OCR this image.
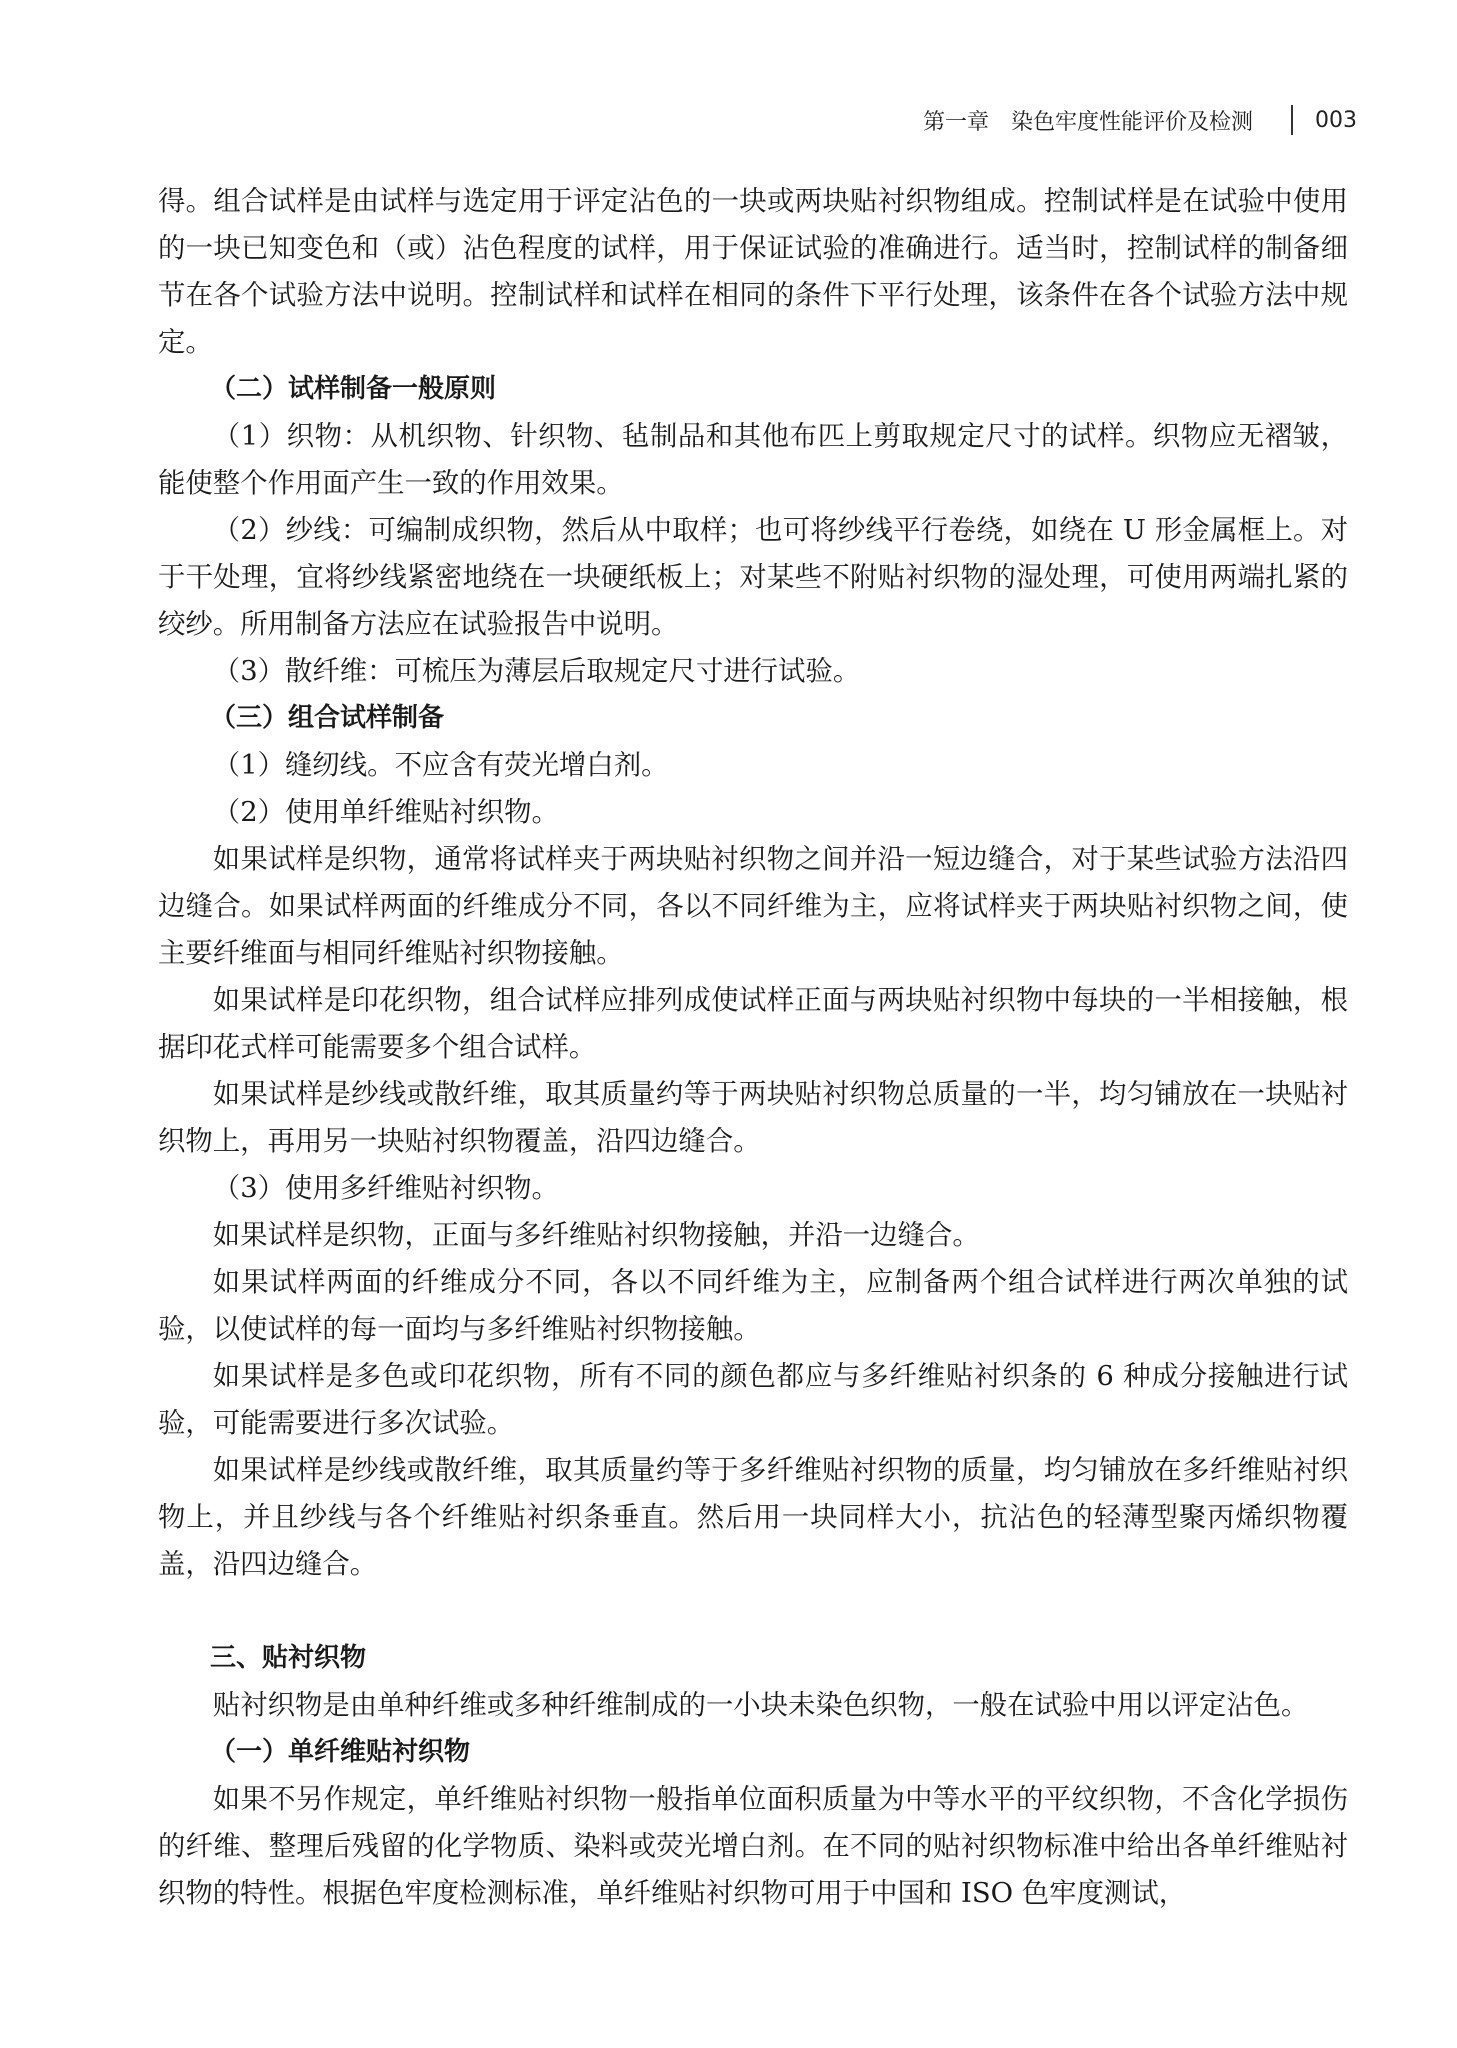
第一章　染色牢度性能评价及检测	003

得。组合试样是由试样与选定用于评定沾色的一块或两块贴衬织物组成。控制试样是在试验中使用的一块已知变色和（或）沾色程度的试样，用于保证试验的准确进行。适当时，控制试样的制备细节在各个试验方法中说明。控制试样和试样在相同的条件下平行处理，该条件在各个试验方法中规定。

（二）试样制备一般原则

（1）织物：从机织物、针织物、毡制品和其他布匹上剪取规定尺寸的试样。织物应无褶皱，能使整个作用面产生一致的作用效果。

（2）纱线：可编制成织物，然后从中取样；也可将纱线平行卷绕，如绕在 U 形金属框上。对于干处理，宜将纱线紧密地绕在一块硬纸板上；对某些不附贴衬织物的湿处理，可使用两端扎紧的绞纱。所用制备方法应在试验报告中说明。

（3）散纤维：可梳压为薄层后取规定尺寸进行试验。

（三）组合试样制备

（1）缝纫线。不应含有荧光增白剂。

（2）使用单纤维贴衬织物。

如果试样是织物，通常将试样夹于两块贴衬织物之间并沿一短边缝合，对于某些试验方法沿四边缝合。如果试样两面的纤维成分不同，各以不同纤维为主，应将试样夹于两块贴衬织物之间，使主要纤维面与相同纤维贴衬织物接触。

如果试样是印花织物，组合试样应排列成使试样正面与两块贴衬织物中每块的一半相接触，根据印花式样可能需要多个组合试样。

如果试样是纱线或散纤维，取其质量约等于两块贴衬织物总质量的一半，均匀铺放在一块贴衬织物上，再用另一块贴衬织物覆盖，沿四边缝合。

（3）使用多纤维贴衬织物。

如果试样是织物，正面与多纤维贴衬织物接触，并沿一边缝合。

如果试样两面的纤维成分不同，各以不同纤维为主，应制备两个组合试样进行两次单独的试验，以使试样的每一面均与多纤维贴衬织物接触。

如果试样是多色或印花织物，所有不同的颜色都应与多纤维贴衬织条的 6 种成分接触进行试验，可能需要进行多次试验。

如果试样是纱线或散纤维，取其质量约等于多纤维贴衬织物的质量，均匀铺放在多纤维贴衬织物上，并且纱线与各个纤维贴衬织条垂直。然后用一块同样大小，抗沾色的轻薄型聚丙烯织物覆盖，沿四边缝合。

三、贴衬织物

贴衬织物是由单种纤维或多种纤维制成的一小块未染色织物，一般在试验中用以评定沾色。

（一）单纤维贴衬织物

如果不另作规定，单纤维贴衬织物一般指单位面积质量为中等水平的平纹织物，不含化学损伤的纤维、整理后残留的化学物质、染料或荧光增白剂。在不同的贴衬织物标准中给出各单纤维贴衬织物的特性。根据色牢度检测标准，单纤维贴衬织物可用于中国和 ISO 色牢度测试，
